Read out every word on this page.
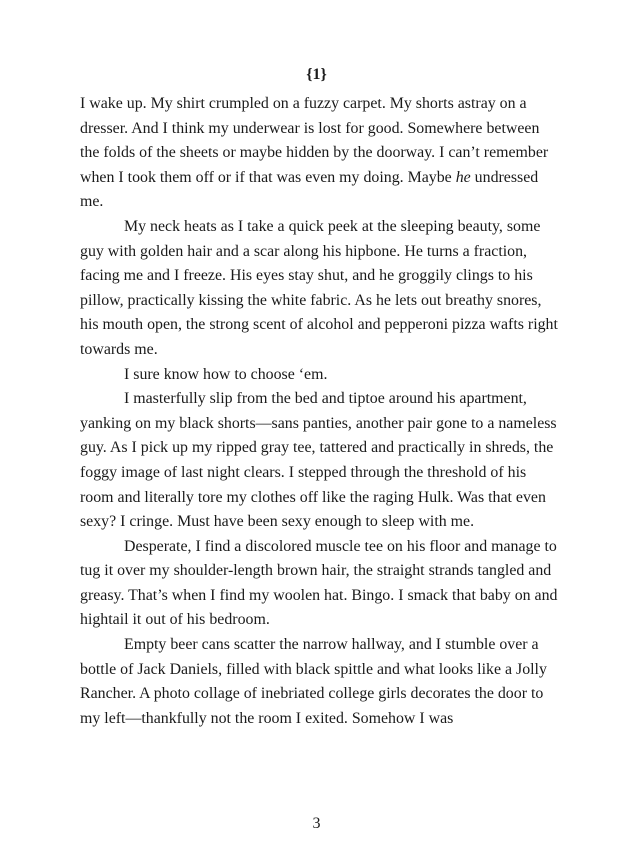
{1}

I wake up. My shirt crumpled on a fuzzy carpet. My shorts astray on a dresser. And I think my underwear is lost for good. Somewhere between the folds of the sheets or maybe hidden by the doorway. I can’t remember when I took them off or if that was even my doing. Maybe he undressed me.

My neck heats as I take a quick peek at the sleeping beauty, some guy with golden hair and a scar along his hipbone. He turns a fraction, facing me and I freeze. His eyes stay shut, and he groggily clings to his pillow, practically kissing the white fabric. As he lets out breathy snores, his mouth open, the strong scent of alcohol and pepperoni pizza wafts right towards me.

I sure know how to choose ‘em.

I masterfully slip from the bed and tiptoe around his apartment, yanking on my black shorts—sans panties, another pair gone to a nameless guy. As I pick up my ripped gray tee, tattered and practically in shreds, the foggy image of last night clears. I stepped through the threshold of his room and literally tore my clothes off like the raging Hulk. Was that even sexy? I cringe. Must have been sexy enough to sleep with me.

Desperate, I find a discolored muscle tee on his floor and manage to tug it over my shoulder-length brown hair, the straight strands tangled and greasy. That’s when I find my woolen hat. Bingo. I smack that baby on and hightail it out of his bedroom.

Empty beer cans scatter the narrow hallway, and I stumble over a bottle of Jack Daniels, filled with black spittle and what looks like a Jolly Rancher. A photo collage of inebriated college girls decorates the door to my left—thankfully not the room I exited. Somehow I was

3
